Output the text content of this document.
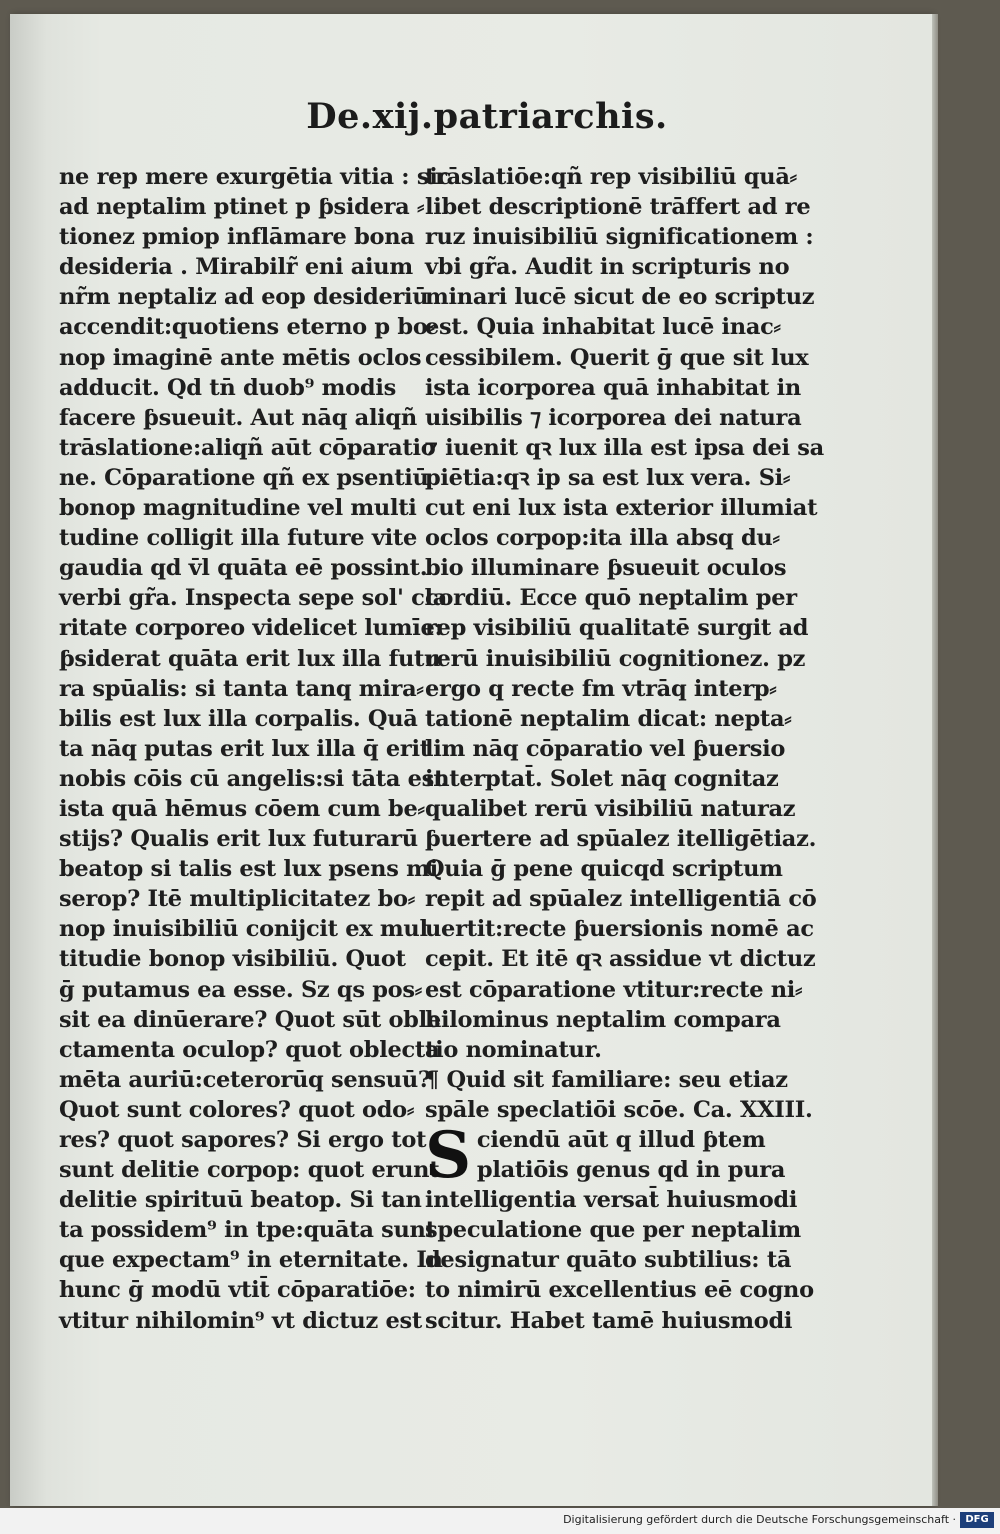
De.xij.patriarchis.
ne rep mere exurgētia vitia : sic
ad neptalim ptinet p ƥsidera ⸗
tionez pmiop inflāmare bona
desideria . Mirabilr̃ eni aium
nr̃m neptaliz ad eop desideriū
accendit:quotiens eterno p bo⸗
nop imaginē ante mētis oclos
adducit. Qd tn̄ duob⁹ modis
facere ƥsueuit. Aut nāq aliqñ
trāslatione:aliqñ aūt cōparatio
ne. Cōparatione qñ ex psentiū
bonop magnitudine vel multi
tudine colligit illa future vite
gaudia qd v̄l quāta eē possint.
verbi gr̃a. Inspecta sepe sol' cla
ritate corporeo videlicet lumīe:
ƥsiderat quāta erit lux illa futu
ra spūalis: si tanta tanq mira⸗
bilis est lux illa corpalis. Quā
ta nāq putas erit lux illa q̄ erit
nobis cōis cū angelis:si tāta est
ista quā hēmus cōem cum be⸗
stijs? Qualis erit lux futurarū
beatop si talis est lux psens mi
serop? Itē multiplicitatez bo⸗
nop inuisibiliū conijcit ex mul
titudie bonop visibiliū. Quot
ḡ putamus ea esse. Sz qs pos⸗
sit ea dinūerare? Quot sūt oble
ctamenta oculop? quot oblecta
mēta auriū:ceterorūq sensuū?
Quot sunt colores? quot odo⸗
res? quot sapores? Si ergo tot
sunt delitie corpop: quot erunt
delitie spirituū beatop. Si tan
ta possidem⁹ in tpe:quāta sunt
que expectam⁹ in eternitate. In
hunc ḡ modū vtit̄ cōparatiōe:
vtitur nihilomin⁹ vt dictuz est
trāslatiōe:qñ rep visibiliū quā⸗
libet descriptionē trāffert ad re
ruz inuisibiliū significationem :
vbi gr̃a. Audit in scripturis no
minari lucē sicut de eo scriptuz
est. Quia inhabitat lucē inac⸗
cessibilem. Querit ḡ que sit lux
ista icorporea quā inhabitat in
uisibilis ⁊ icorporea dei natura
⁊ iuenit qꝛ lux illa est ipsa dei sa
piētia:qꝛ ip sa est lux vera. Si⸗
cut eni lux ista exterior illumiat
oclos corpop:ita illa absq du⸗
bio illuminare ƥsueuit oculos
cordiū. Ecce quō neptalim per
rep visibiliū qualitatē surgit ad
rerū inuisibiliū cognitionez. pz
ergo q recte fm vtrāq interp⸗
tationē neptalim dicat: nepta⸗
lim nāq cōparatio vel ƥuersio
interptat̄. Solet nāq cognitaz
qualibet rerū visibiliū naturaz
ƥuertere ad spūalez itelligētiaz.
Quia ḡ pene quicqd scriptum
repit ad spūalez intelligentiā cō
uertit:recte ƥuersionis nomē ac
cepit. Et itē qꝛ assidue vt dictuz
est cōparatione vtitur:recte ni⸗
hilominus neptalim compara
tio nominatur.
¶ Quid sit familiare: seu etiaz
spāle speclatiōi scōe. Ca. XXIII.
S ciendū aūt q illud ƥtem
platiōis genus qd in pura
intelligentia versat̄ huiusmodi
speculatione que per neptalim
designatur quāto subtilius: tā
to nimirū excellentius eē cogno
scitur. Habet tamē huiusmodi
Digitalisierung gefördert durch die Deutsche Forschungsgemeinschaft · DFG
